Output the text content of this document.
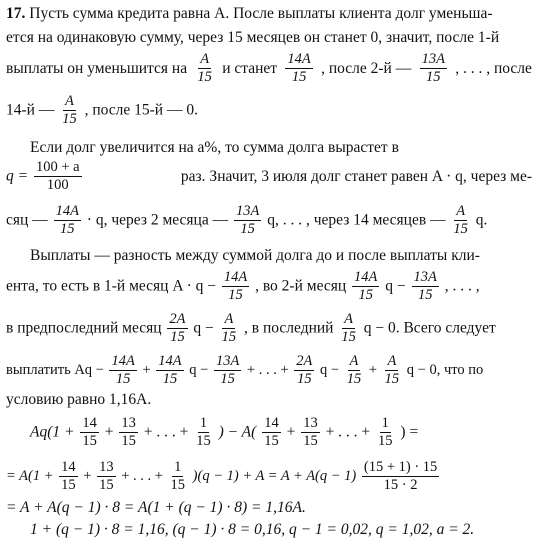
17. Пусть сумма кредита равна A. После выплаты клиента долг уменьша-
ется на одинаковую сумму, через 15 месяцев он станет 0, значит, после 1-й
выплаты он уменьшится на $\frac{A}{15}$ и станет $\frac{14A}{15}$ , после 2-й — $\frac{13A}{15}$ , . . . , после
14-й — $\frac{A}{15}$ , после 15-й — 0.
Если долг увеличится на a%, то сумма долга вырастет в
$q = \frac{100 + a}{100}$	раз. Значит, 3 июля долг станет равен A · q, через ме-
сяц — $\frac{14A}{15} \cdot q$, через 2 месяца — $\frac{13A}{15} q$, . . . , через 14 месяцев — $\frac{A}{15} q$.
Выплаты — разность между суммой долга до и после выплаты кли-
ента, то есть в 1-й месяц $A \cdot q - \frac{14A}{15}$ , во 2-й месяц $\frac{14A}{15}$ $q - \frac{13A}{15}$ , . . . ,
в предпоследний месяц $\frac{2A}{15}$ $q - \frac{A}{15}$ , в последний $\frac{A}{15}$ q − 0. Всего следует
выплатить $Aq - \frac{14A}{15} + \frac{14A}{15}$ $q - \frac{13A}{15}$ + . . . + $\frac{2A}{15}$ $q - \frac{A}{15} + \frac{A}{15}$ q − 0, что по
условию равно 1,16A.
$Aq(1 + \frac{14}{15} + \frac{13}{15}$ + . . . + $\frac{1}{15}$ ) − $A( \frac{14}{15} + \frac{13}{15}$ + . . . + $\frac{1}{15}$ ) =
= $A(1 + \frac{14}{15} + \frac{13}{15}$ + . . . + $\frac{1}{15} )(q - 1) + A = A + A(q - 1) \frac{(15 + 1) \cdot 15}{15 \cdot 2}$
= A + A(q − 1) · 8 = A(1 + (q − 1) · 8) = 1,16A.
1 + (q − 1) · 8 = 1,16, (q − 1) · 8 = 0,16, q − 1 = 0,02, q = 1,02, a = 2.
